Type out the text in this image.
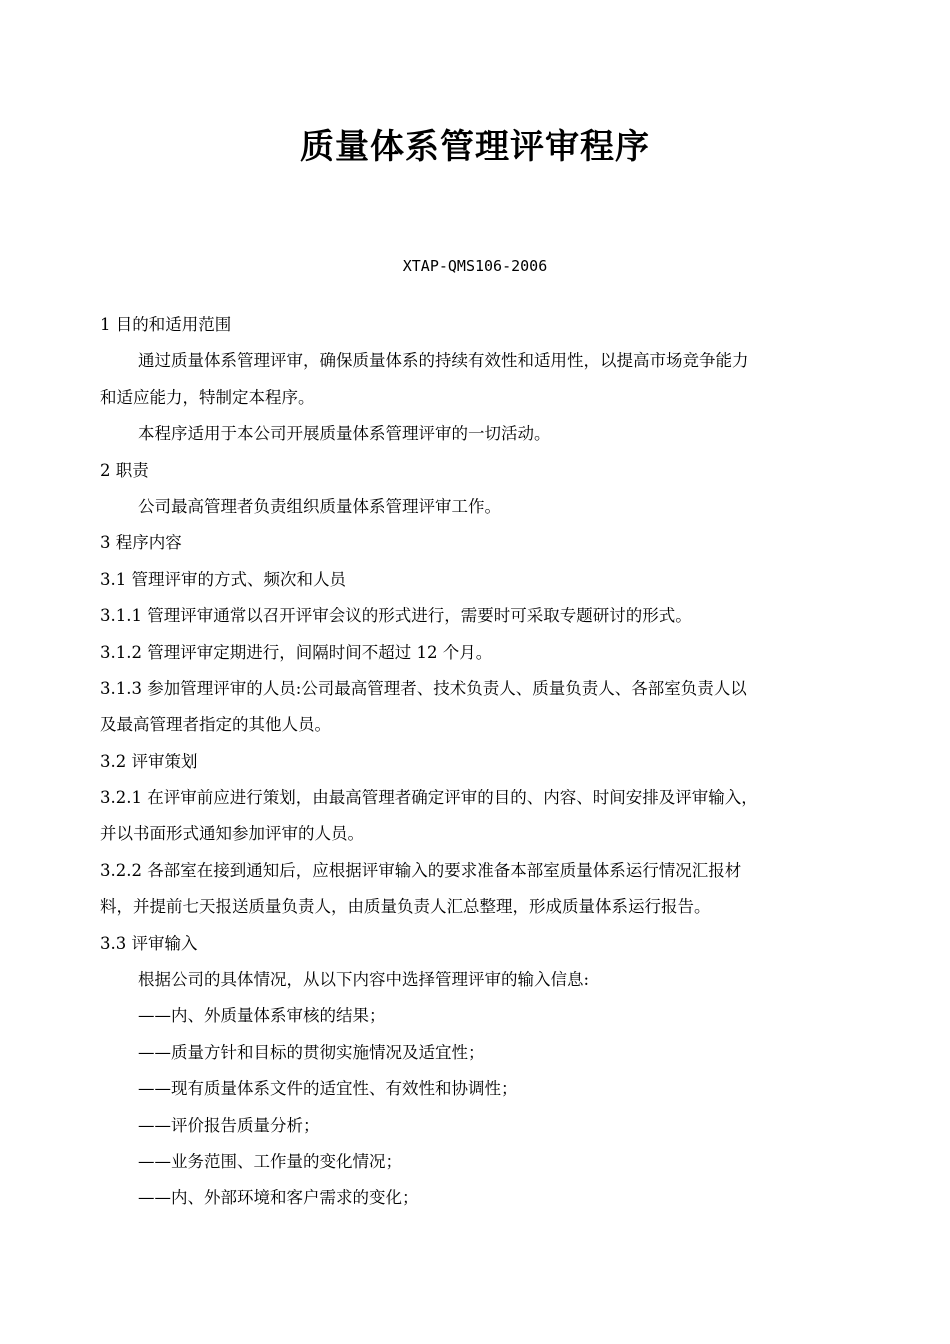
质量体系管理评审程序
XTAP-QMS106-2006
1 目的和适用范围
通过质量体系管理评审，确保质量体系的持续有效性和适用性，以提高市场竞争能力
和适应能力，特制定本程序。
本程序适用于本公司开展质量体系管理评审的一切活动。
2 职责
公司最高管理者负责组织质量体系管理评审工作。
3 程序内容
3.1 管理评审的方式、频次和人员
3.1.1 管理评审通常以召开评审会议的形式进行，需要时可采取专题研讨的形式。
3.1.2 管理评审定期进行，间隔时间不超过 12 个月。
3.1.3 参加管理评审的人员:公司最高管理者、技术负责人、质量负责人、各部室负责人以
及最高管理者指定的其他人员。
3.2 评审策划
3.2.1 在评审前应进行策划，由最高管理者确定评审的目的、内容、时间安排及评审输入，
并以书面形式通知参加评审的人员。
3.2.2 各部室在接到通知后，应根据评审输入的要求准备本部室质量体系运行情况汇报材
料，并提前七天报送质量负责人，由质量负责人汇总整理，形成质量体系运行报告。
3.3 评审输入
根据公司的具体情况，从以下内容中选择管理评审的输入信息:
——内、外质量体系审核的结果；
——质量方针和目标的贯彻实施情况及适宜性；
——现有质量体系文件的适宜性、有效性和协调性；
——评价报告质量分析；
——业务范围、工作量的变化情况；
——内、外部环境和客户需求的变化；
